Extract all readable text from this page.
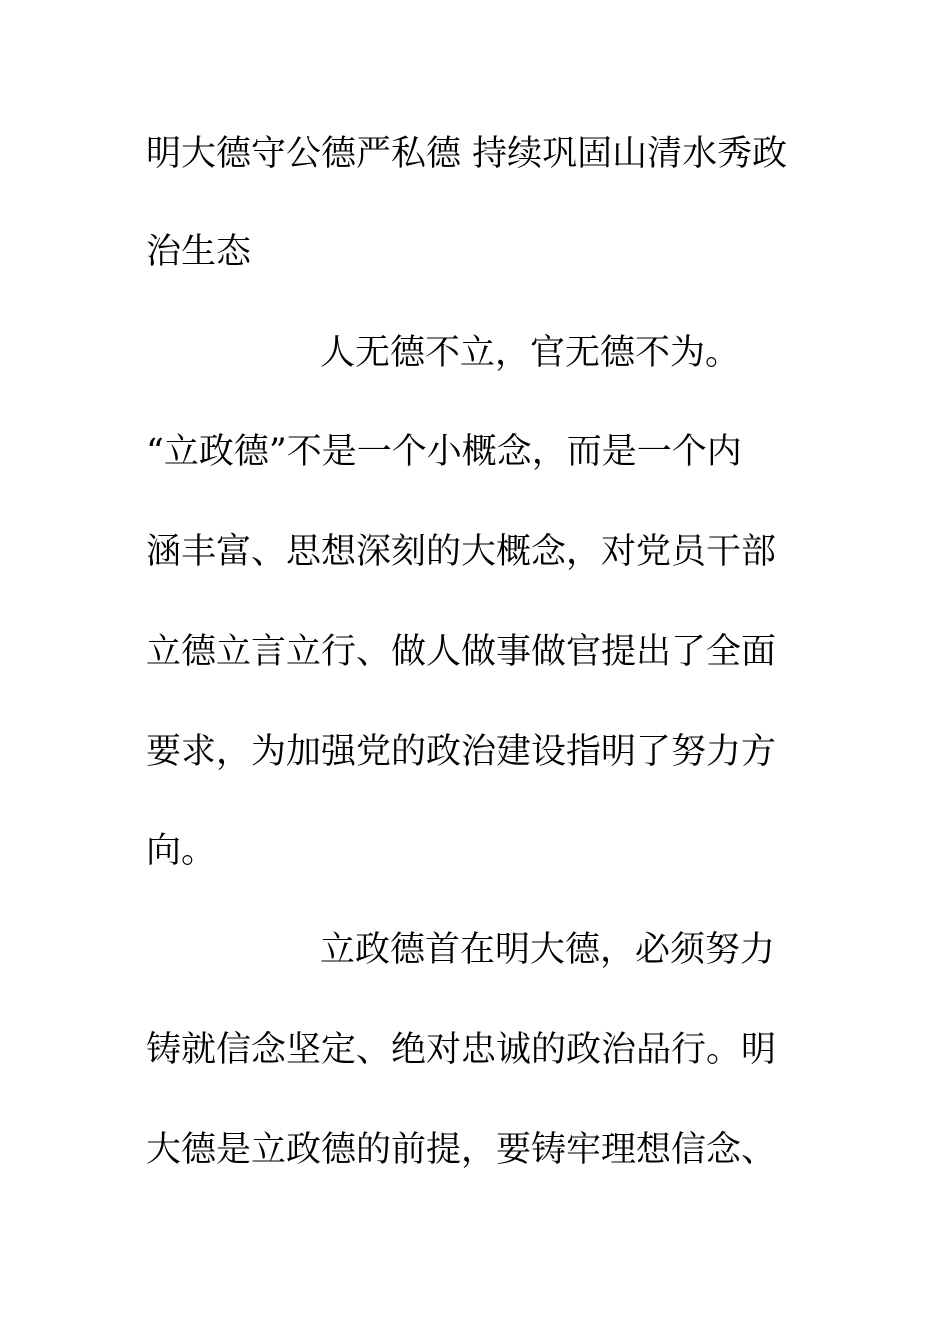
明大德守公德严私德 持续巩固山清水秀政
治生态
人无德不立，官无德不为。
“立政德”不是一个小概念，而是一个内
涵丰富、思想深刻的大概念，对党员干部
立德立言立行、做人做事做官提出了全面
要求，为加强党的政治建设指明了努力方
向。
立政德首在明大德，必须努力
铸就信念坚定、绝对忠诚的政治品行。明
大德是立政德的前提，要铸牢理想信念、
